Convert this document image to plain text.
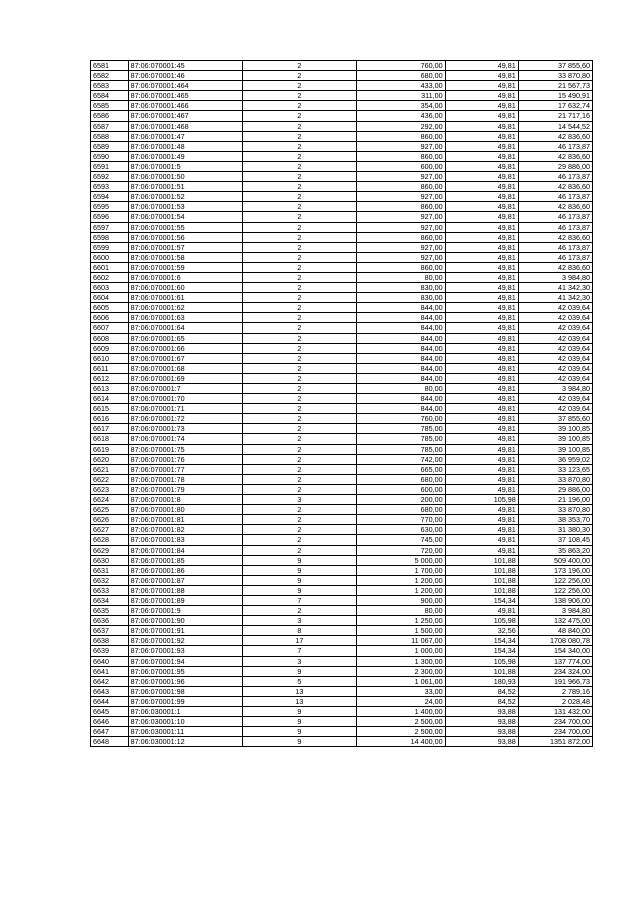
6581	87:06:070001:45	2	760,00	49,81	37 855,60
6582	87:06:070001:46	2	680,00	49,81	33 870,80
6583	87:06:070001:464	2	433,00	49,81	21 567,73
6584	87:06:070001:465	2	311,00	49,81	15 490,91
6585	87:06:070001:466	2	354,00	49,81	17 632,74
6586	87:06:070001:467	2	436,00	49,81	21 717,16
6587	87:06:070001:468	2	292,00	49,81	14 544,52
6588	87:06:070001:47	2	860,00	49,81	42 836,60
6589	87:06:070001:48	2	927,00	49,81	46 173,87
6590	87:06:070001:49	2	860,00	49,81	42 836,60
6591	87:06:070001:5	2	600,00	49,81	29 886,00
6592	87:06:070001:50	2	927,00	49,81	46 173,87
6593	87:06:070001:51	2	860,00	49,81	42 836,60
6594	87:06:070001:52	2	927,00	49,81	46 173,87
6595	87:06:070001:53	2	860,00	49,81	42 836,60
6596	87:06:070001:54	2	927,00	49,81	46 173,87
6597	87:06:070001:55	2	927,00	49,81	46 173,87
6598	87:06:070001:56	2	860,00	49,81	42 836,60
6599	87:06:070001:57	2	927,00	49,81	46 173,87
6600	87:06:070001:58	2	927,00	49,81	46 173,87
6601	87:06:070001:59	2	860,00	49,81	42 836,60
6602	87:06:070001:6	2	80,00	49,81	3 984,80
6603	87:06:070001:60	2	830,00	49,81	41 342,30
6604	87:06:070001:61	2	830,00	49,81	41 342,30
6605	87:06:070001:62	2	844,00	49,81	42 039,64
6606	87:06:070001:63	2	844,00	49,81	42 039,64
6607	87:06:070001:64	2	844,00	49,81	42 039,64
6608	87:06:070001:65	2	844,00	49,81	42 039,64
6609	87:06:070001:66	2	844,00	49,81	42 039,64
6610	87:06:070001:67	2	844,00	49,81	42 039,64
6611	87:06:070001:68	2	844,00	49,81	42 039,64
6612	87:06:070001:69	2	844,00	49,81	42 039,64
6613	87:06:070001:7	2	80,00	49,81	3 984,80
6614	87:06:070001:70	2	844,00	49,81	42 039,64
6615	87:06:070001:71	2	844,00	49,81	42 039,64
6616	87:06:070001:72	2	760,00	49,81	37 855,60
6617	87:06:070001:73	2	785,00	49,81	39 100,85
6618	87:06:070001:74	2	785,00	49,81	39 100,85
6619	87:06:070001:75	2	785,00	49,81	39 100,85
6620	87:06:070001:76	2	742,00	49,81	36 959,02
6621	87:06:070001:77	2	665,00	49,81	33 123,65
6622	87:06:070001:78	2	680,00	49,81	33 870,80
6623	87:06:070001:79	2	600,00	49,81	29 886,00
6624	87:06:070001:8	3	200,00	105,98	21 196,00
6625	87:06:070001:80	2	680,00	49,81	33 870,80
6626	87:06:070001:81	2	770,00	49,81	38 353,70
6627	87:06:070001:82	2	630,00	49,81	31 380,30
6628	87:06:070001:83	2	745,00	49,81	37 108,45
6629	87:06:070001:84	2	720,00	49,81	35 863,20
6630	87:06:070001:85	9	5 000,00	101,88	509 400,00
6631	87:06:070001:86	9	1 700,00	101,88	173 196,00
6632	87:06:070001:87	9	1 200,00	101,88	122 256,00
6633	87:06:070001:88	9	1 200,00	101,88	122 256,00
6634	87:06:070001:89	7	900,00	154,34	138 906,00
6635	87:06:070001:9	2	80,00	49,81	3 984,80
6636	87:06:070001:90	3	1 250,00	105,98	132 475,00
6637	87:06:070001:91	8	1 500,00	32,56	48 840,00
6638	87:06:070001:92	17	11 067,00	154,34	1708 080,78
6639	87:06:070001:93	7	1 000,00	154,34	154 340,00
6640	87:06:070001:94	3	1 300,00	105,98	137 774,00
6641	87:06:070001:95	9	2 300,00	101,88	234 324,00
6642	87:06:070001:96	5	1 061,00	180,93	191 966,73
6643	87:06:070001:98	13	33,00	84,52	2 789,16
6644	87:06:070001:99	13	24,00	84,52	2 028,48
6645	87:06:030001:1	9	1 400,00	93,88	131 432,00
6646	87:06:030001:10	9	2 500,00	93,88	234 700,00
6647	87:06:030001:11	9	2 500,00	93,88	234 700,00
6648	87:06:030001:12	9	14 400,00	93,88	1351 872,00
